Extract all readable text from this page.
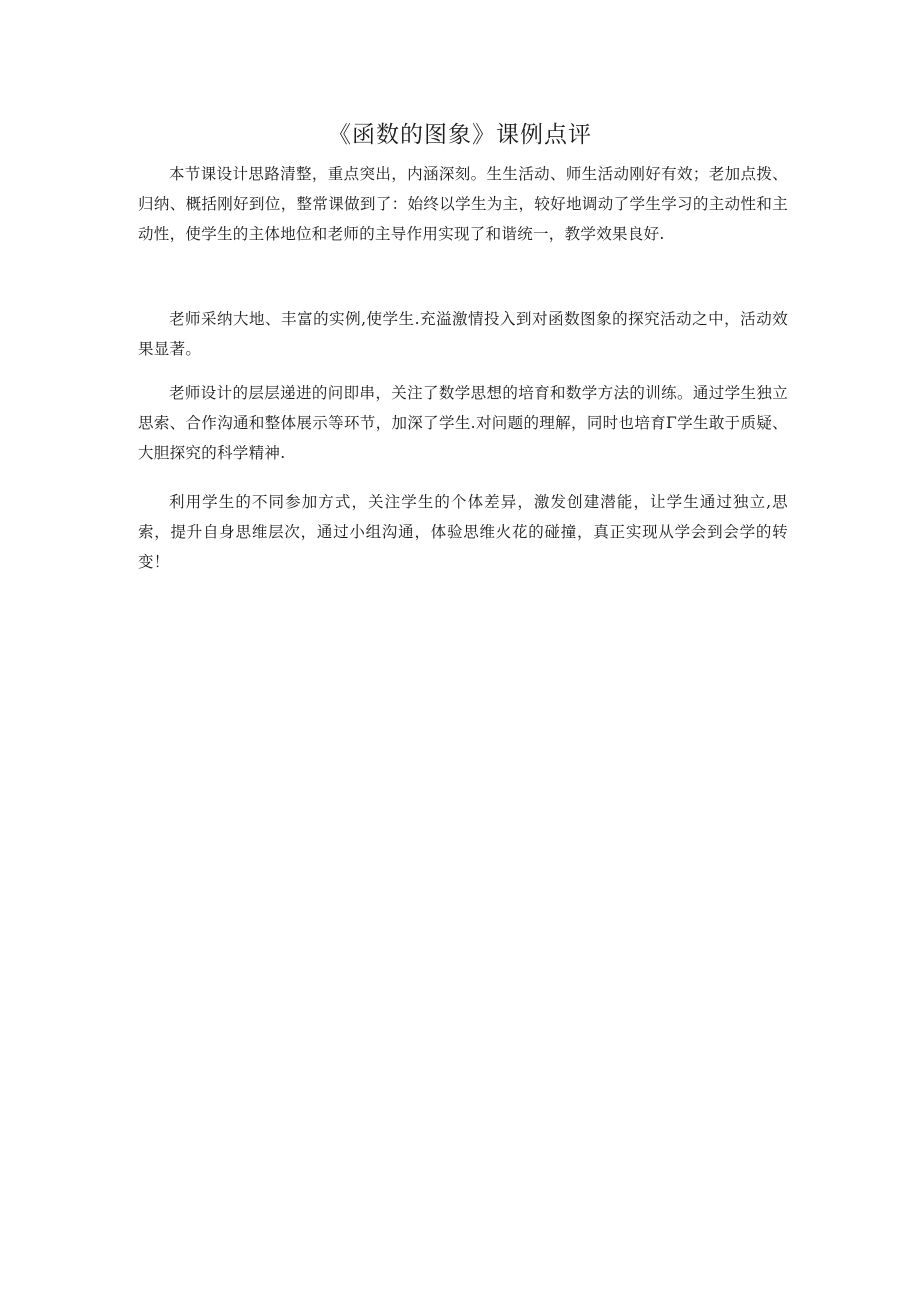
《函数的图象》课例点评

本节课设计思路清整，重点突出，内涵深刻。生生活动、师生活动刚好有效；老加点拨、归纳、概括刚好到位，整常课做到了：始终以学生为主，较好地调动了学生学习的主动性和主动性，使学生的主体地位和老师的主导作用实现了和谐统一，教学效果良好.

老师采纳大地、丰富的实例,使学生.充溢激情投入到对函数图象的探究活动之中，活动效果显著。

老师设计的层层递进的问即串，关注了数学思想的培育和数学方法的训练。通过学生独立思索、合作沟通和整体展示等环节，加深了学生.对问题的理解，同时也培育Γ学生敢于质疑、大胆探究的科学精神.

利用学生的不同参加方式，关注学生的个体差异，激发创建潜能，让学生通过独立,思索，提升自身思维层次，通过小组沟通，体验思维火花的碰撞，真正实现从学会到会学的转变！
